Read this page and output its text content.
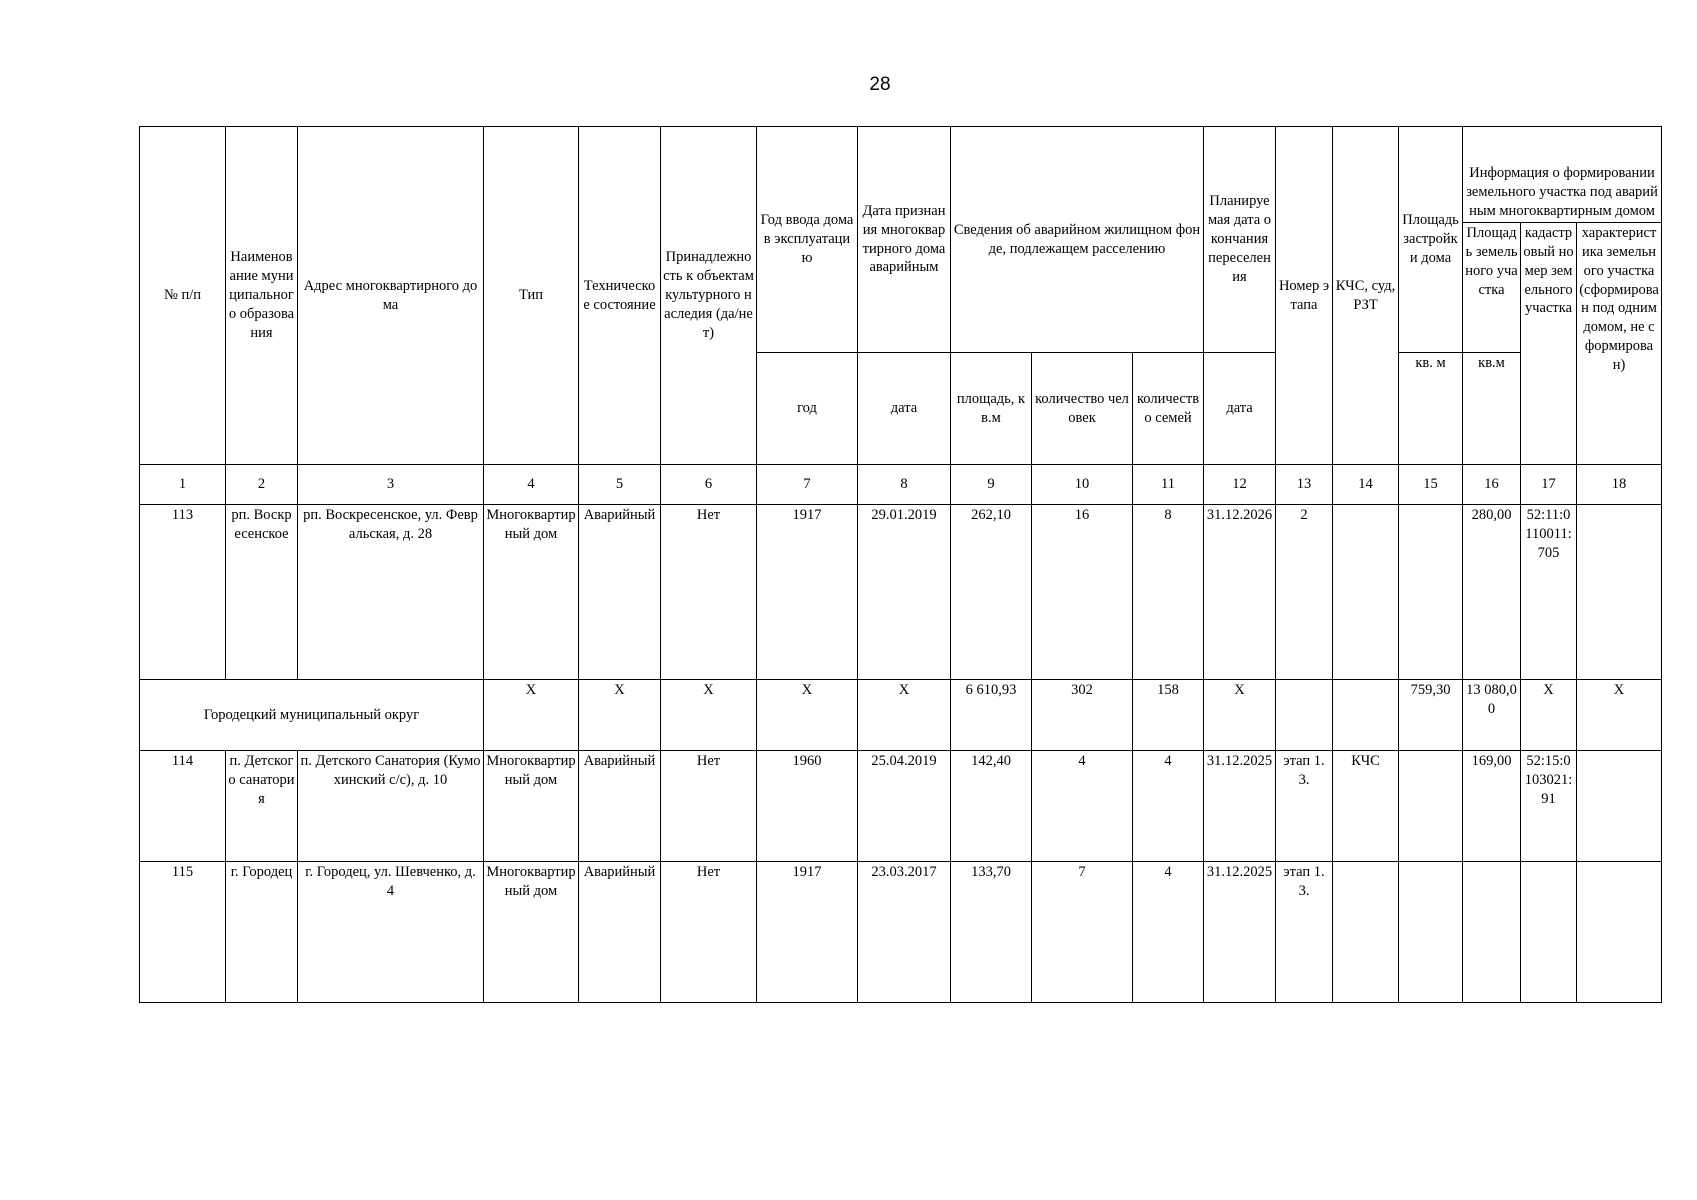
28
№ п/п	Наименование муниципального образования	Адрес многоквартирного дома	Тип	Техническое состояние	Принадлежность к объектам культурного наследия (да/нет)	Год ввода дома в эксплуатацию	Дата признания многоквартирного дома аварийным	Сведения об аварийном жилищном фонде, подлежащем расселению			Планируемая дата окончания переселения	Номер этапа	КЧС, суд, РЗТ	Площадь застройки дома	Информация о формировании земельного участка под аварийным многоквартирным домом		
															Площадь земельного участка	кадастровый номер земельного участка	характеристика земельного участка (сформирован под одним домом, не сформирован)
						год	дата	площадь, кв.м	количество человек	количество семей	дата			кв. м	кв.м		
1	2	3	4	5	6	7	8	9	10	11	12	13	14	15	16	17	18
113	рп. Воскресенское	рп. Воскресенское, ул. Февральская, д. 28	Многоквартирный дом	Аварийный	Нет	1917	29.01.2019	262,10	16	8	31.12.2026	2			280,00	52:11:0110011:705	
Городецкий муниципальный округ			Х	Х	Х	Х	Х	6 610,93	302	158	Х			759,30	13 080,00	Х	Х
114	п. Детского санатория	п. Детского Санатория (Кумохинский с/с), д. 10	Многоквартирный дом	Аварийный	Нет	1960	25.04.2019	142,40	4	4	31.12.2025	этап 1.3.	КЧС		169,00	52:15:0103021:91	
115	г. Городец	г. Городец, ул. Шевченко, д. 4	Многоквартирный дом	Аварийный	Нет	1917	23.03.2017	133,70	7	4	31.12.2025	этап 1.3.					
